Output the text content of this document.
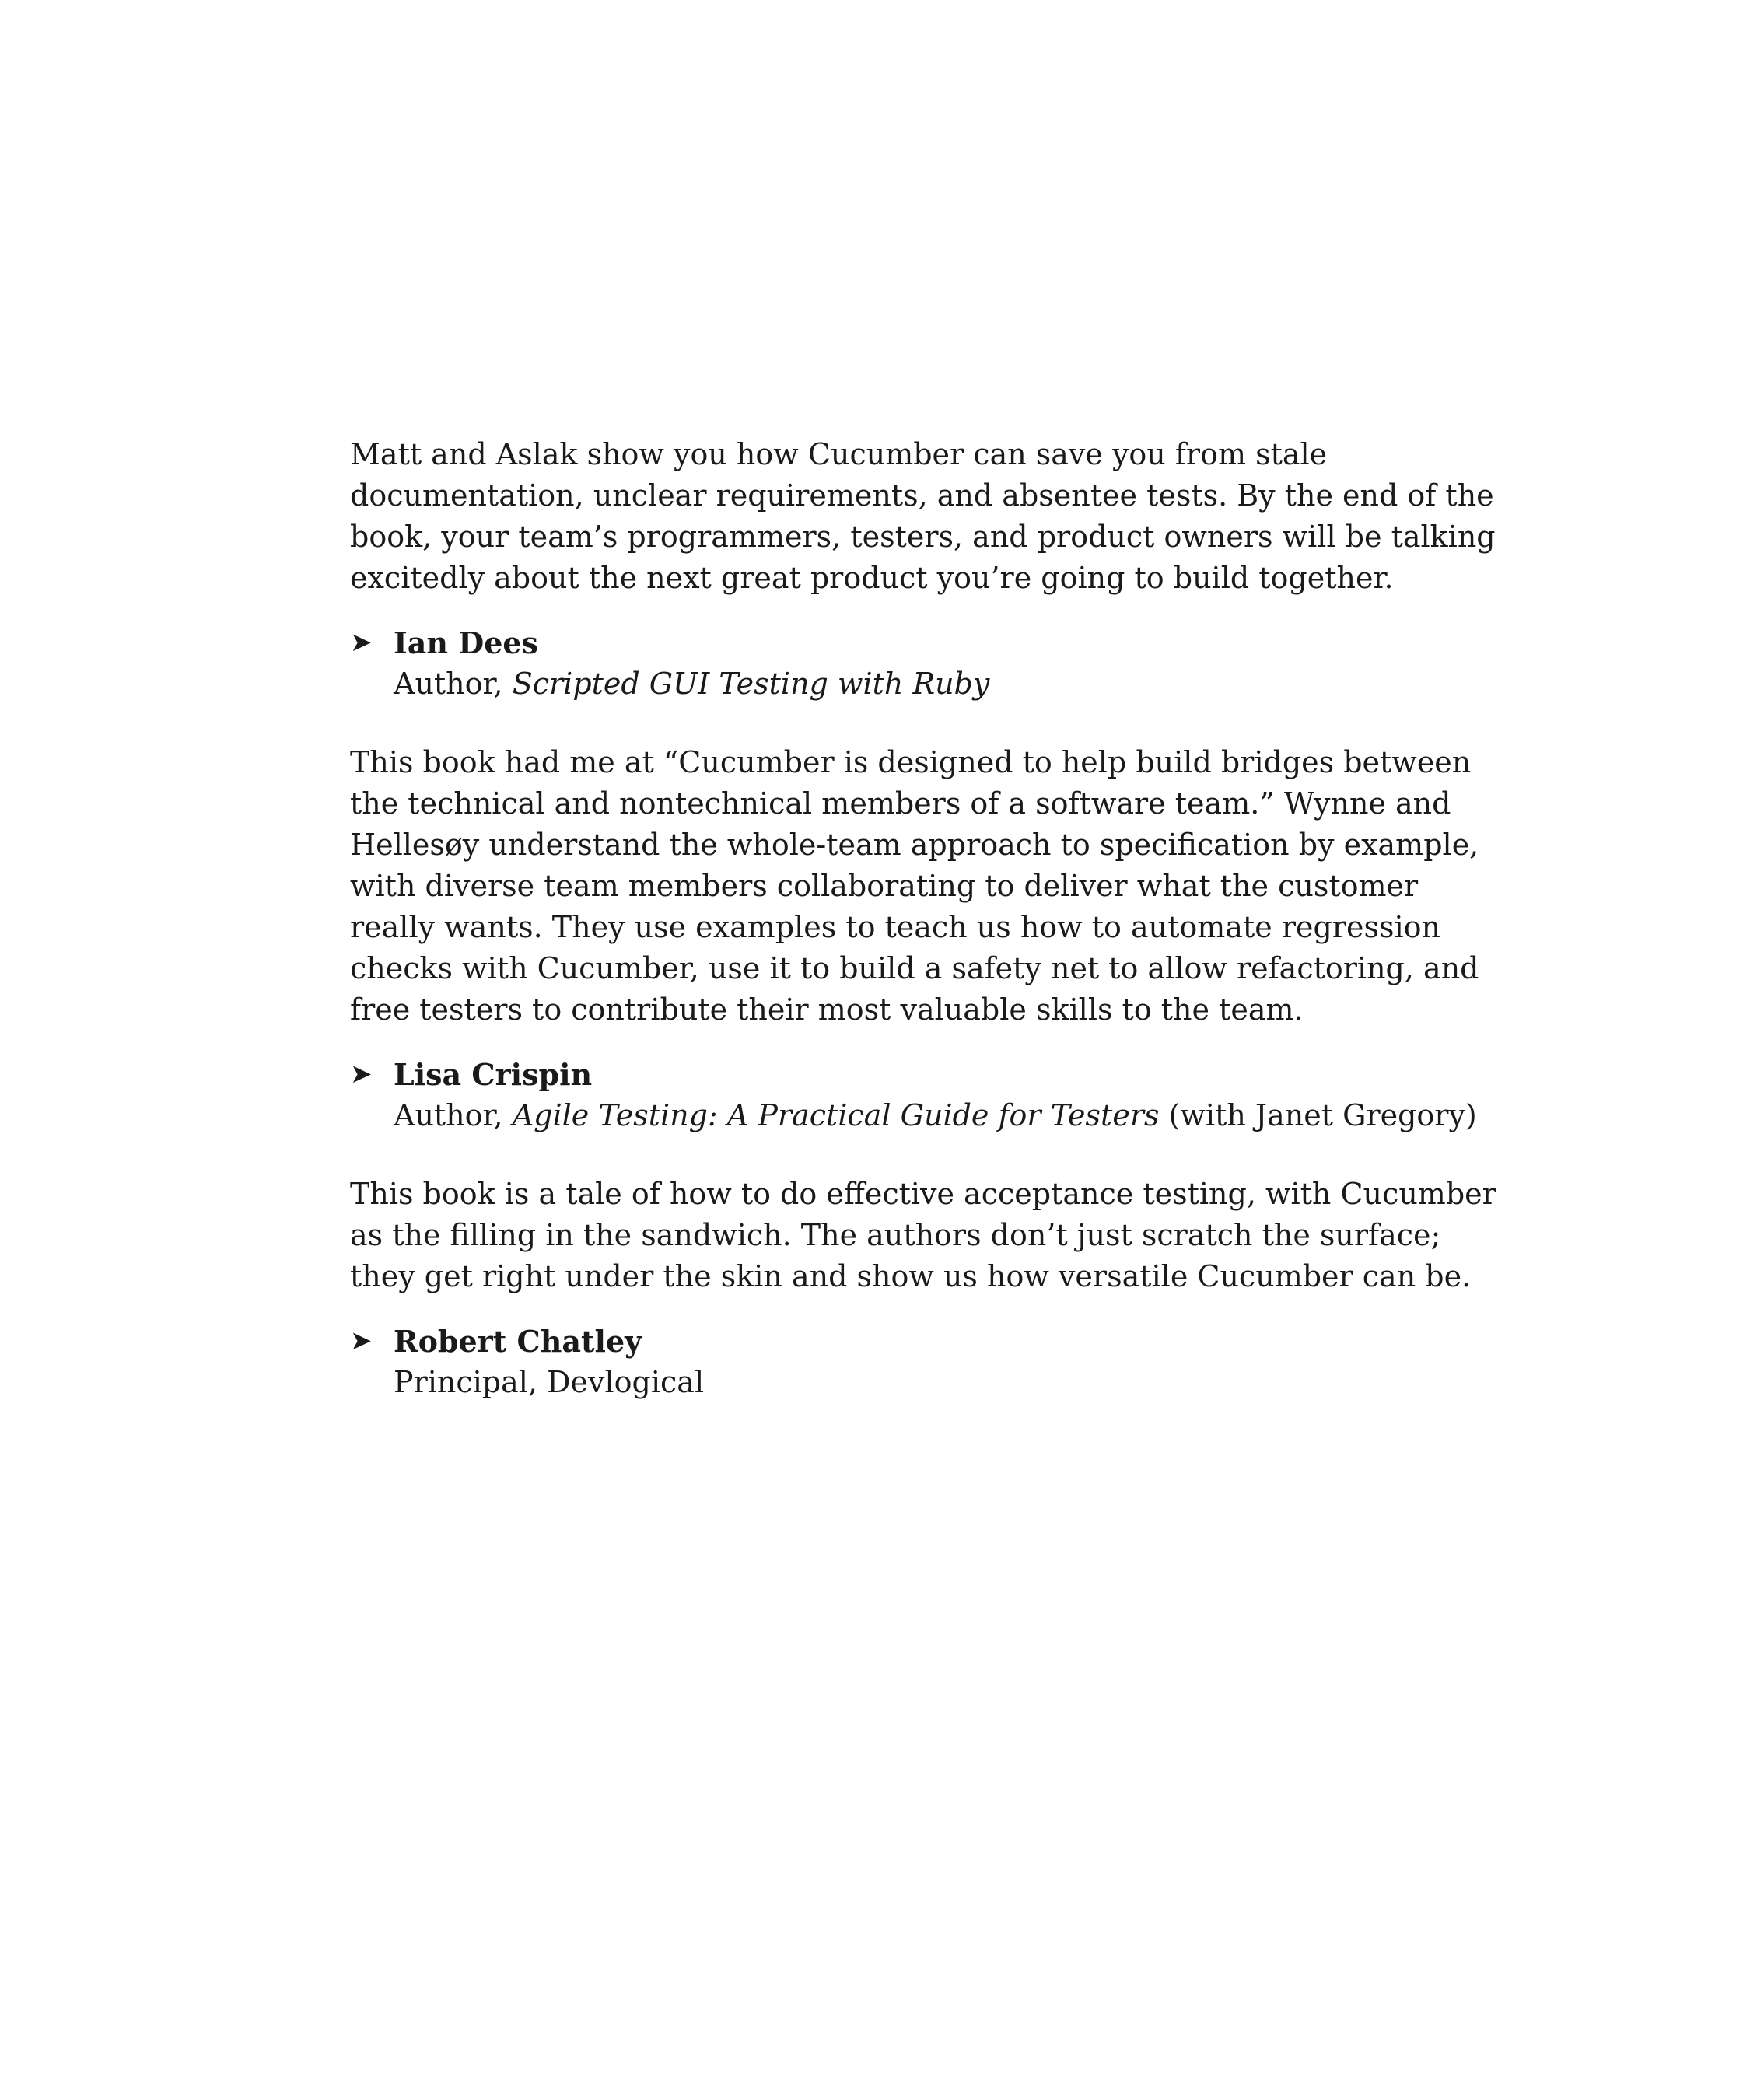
Matt and Aslak show you how Cucumber can save you from stale documentation, unclear requirements, and absentee tests. By the end of the book, your team’s programmers, testers, and product owners will be talking excitedly about the next great product you’re going to build together.

➤ Ian Dees
Author, Scripted GUI Testing with Ruby

This book had me at “Cucumber is designed to help build bridges between the technical and nontechnical members of a software team.” Wynne and Hellesøy understand the whole-team approach to specification by example, with diverse team members collaborating to deliver what the customer really wants. They use examples to teach us how to automate regression checks with Cucumber, use it to build a safety net to allow refactoring, and free testers to contribute their most valuable skills to the team.

➤ Lisa Crispin
Author, Agile Testing: A Practical Guide for Testers (with Janet Gregory)

This book is a tale of how to do effective acceptance testing, with Cucumber as the filling in the sandwich. The authors don’t just scratch the surface; they get right under the skin and show us how versatile Cucumber can be.

➤ Robert Chatley
Principal, Devlogical
